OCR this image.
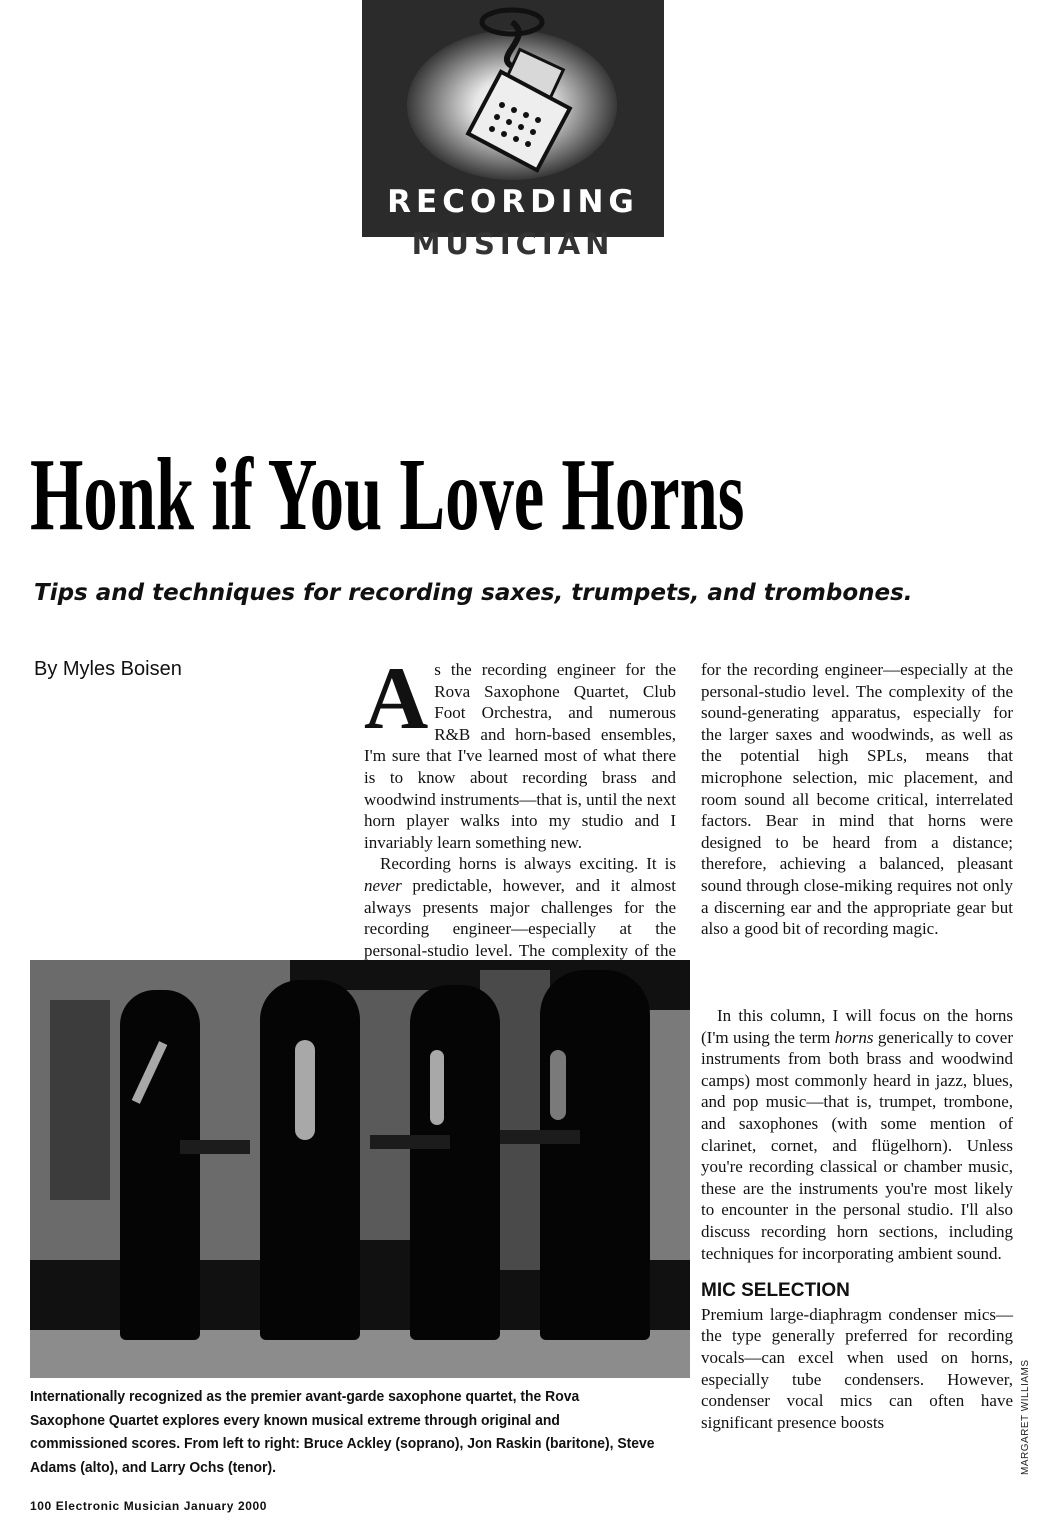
RECORDING
MUSICIAN
Honk if You Love Horns
Tips and techniques for recording saxes, trumpets, and trombones.
By Myles Boisen As the recording engineer for the Rova Saxophone Quartet, Club Foot Orchestra, and numerous R&B and horn-based ensembles, I'm sure that I've learned most of what there is to know about recording brass and woodwind instruments—that is, until the next horn player walks into my studio and I invariably learn something new.

Recording horns is always exciting. It is never predictable, however, and it almost always presents major challenges for the recording engineer—especially at the personal-studio level. The complexity of the

for the recording engineer—especially at the personal-studio level. The complexity of the sound-generating apparatus, especially for the larger saxes and woodwinds, as well as the potential high SPLs, means that microphone selection, mic placement, and room sound all become critical, interrelated factors. Bear in mind that horns were designed to be heard from a distance; therefore, achieving a balanced, pleasant sound through close-miking requires not only a discerning ear and the appropriate gear but also a good bit of recording magic.

In this column, I will focus on the horns (I'm using the term horns generically to cover instruments from both brass and woodwind camps) most commonly heard in jazz, blues, and pop music—that is, trumpet, trombone, and saxophones (with some mention of clarinet, cornet, and flügelhorn). Unless you're recording classical or chamber music, these are the instruments you're most likely to encounter in the personal studio. I'll also discuss recording horn sections, including techniques for incorporating ambient sound.

MIC SELECTION

Premium large-diaphragm condenser mics—the type generally preferred for recording vocals—can excel when used on horns, especially tube condensers. However, condenser vocal mics can often have significant presence boosts

Internationally recognized as the premier avant-garde saxophone quartet, the Rova Saxophone Quartet explores every known musical extreme through original and commissioned scores. From left to right: Bruce Ackley (soprano), Jon Raskin (baritone), Steve Adams (alto), and Larry Ochs (tenor).	MARGARET WILLIAMS
100 Electronic Musician January 2000
